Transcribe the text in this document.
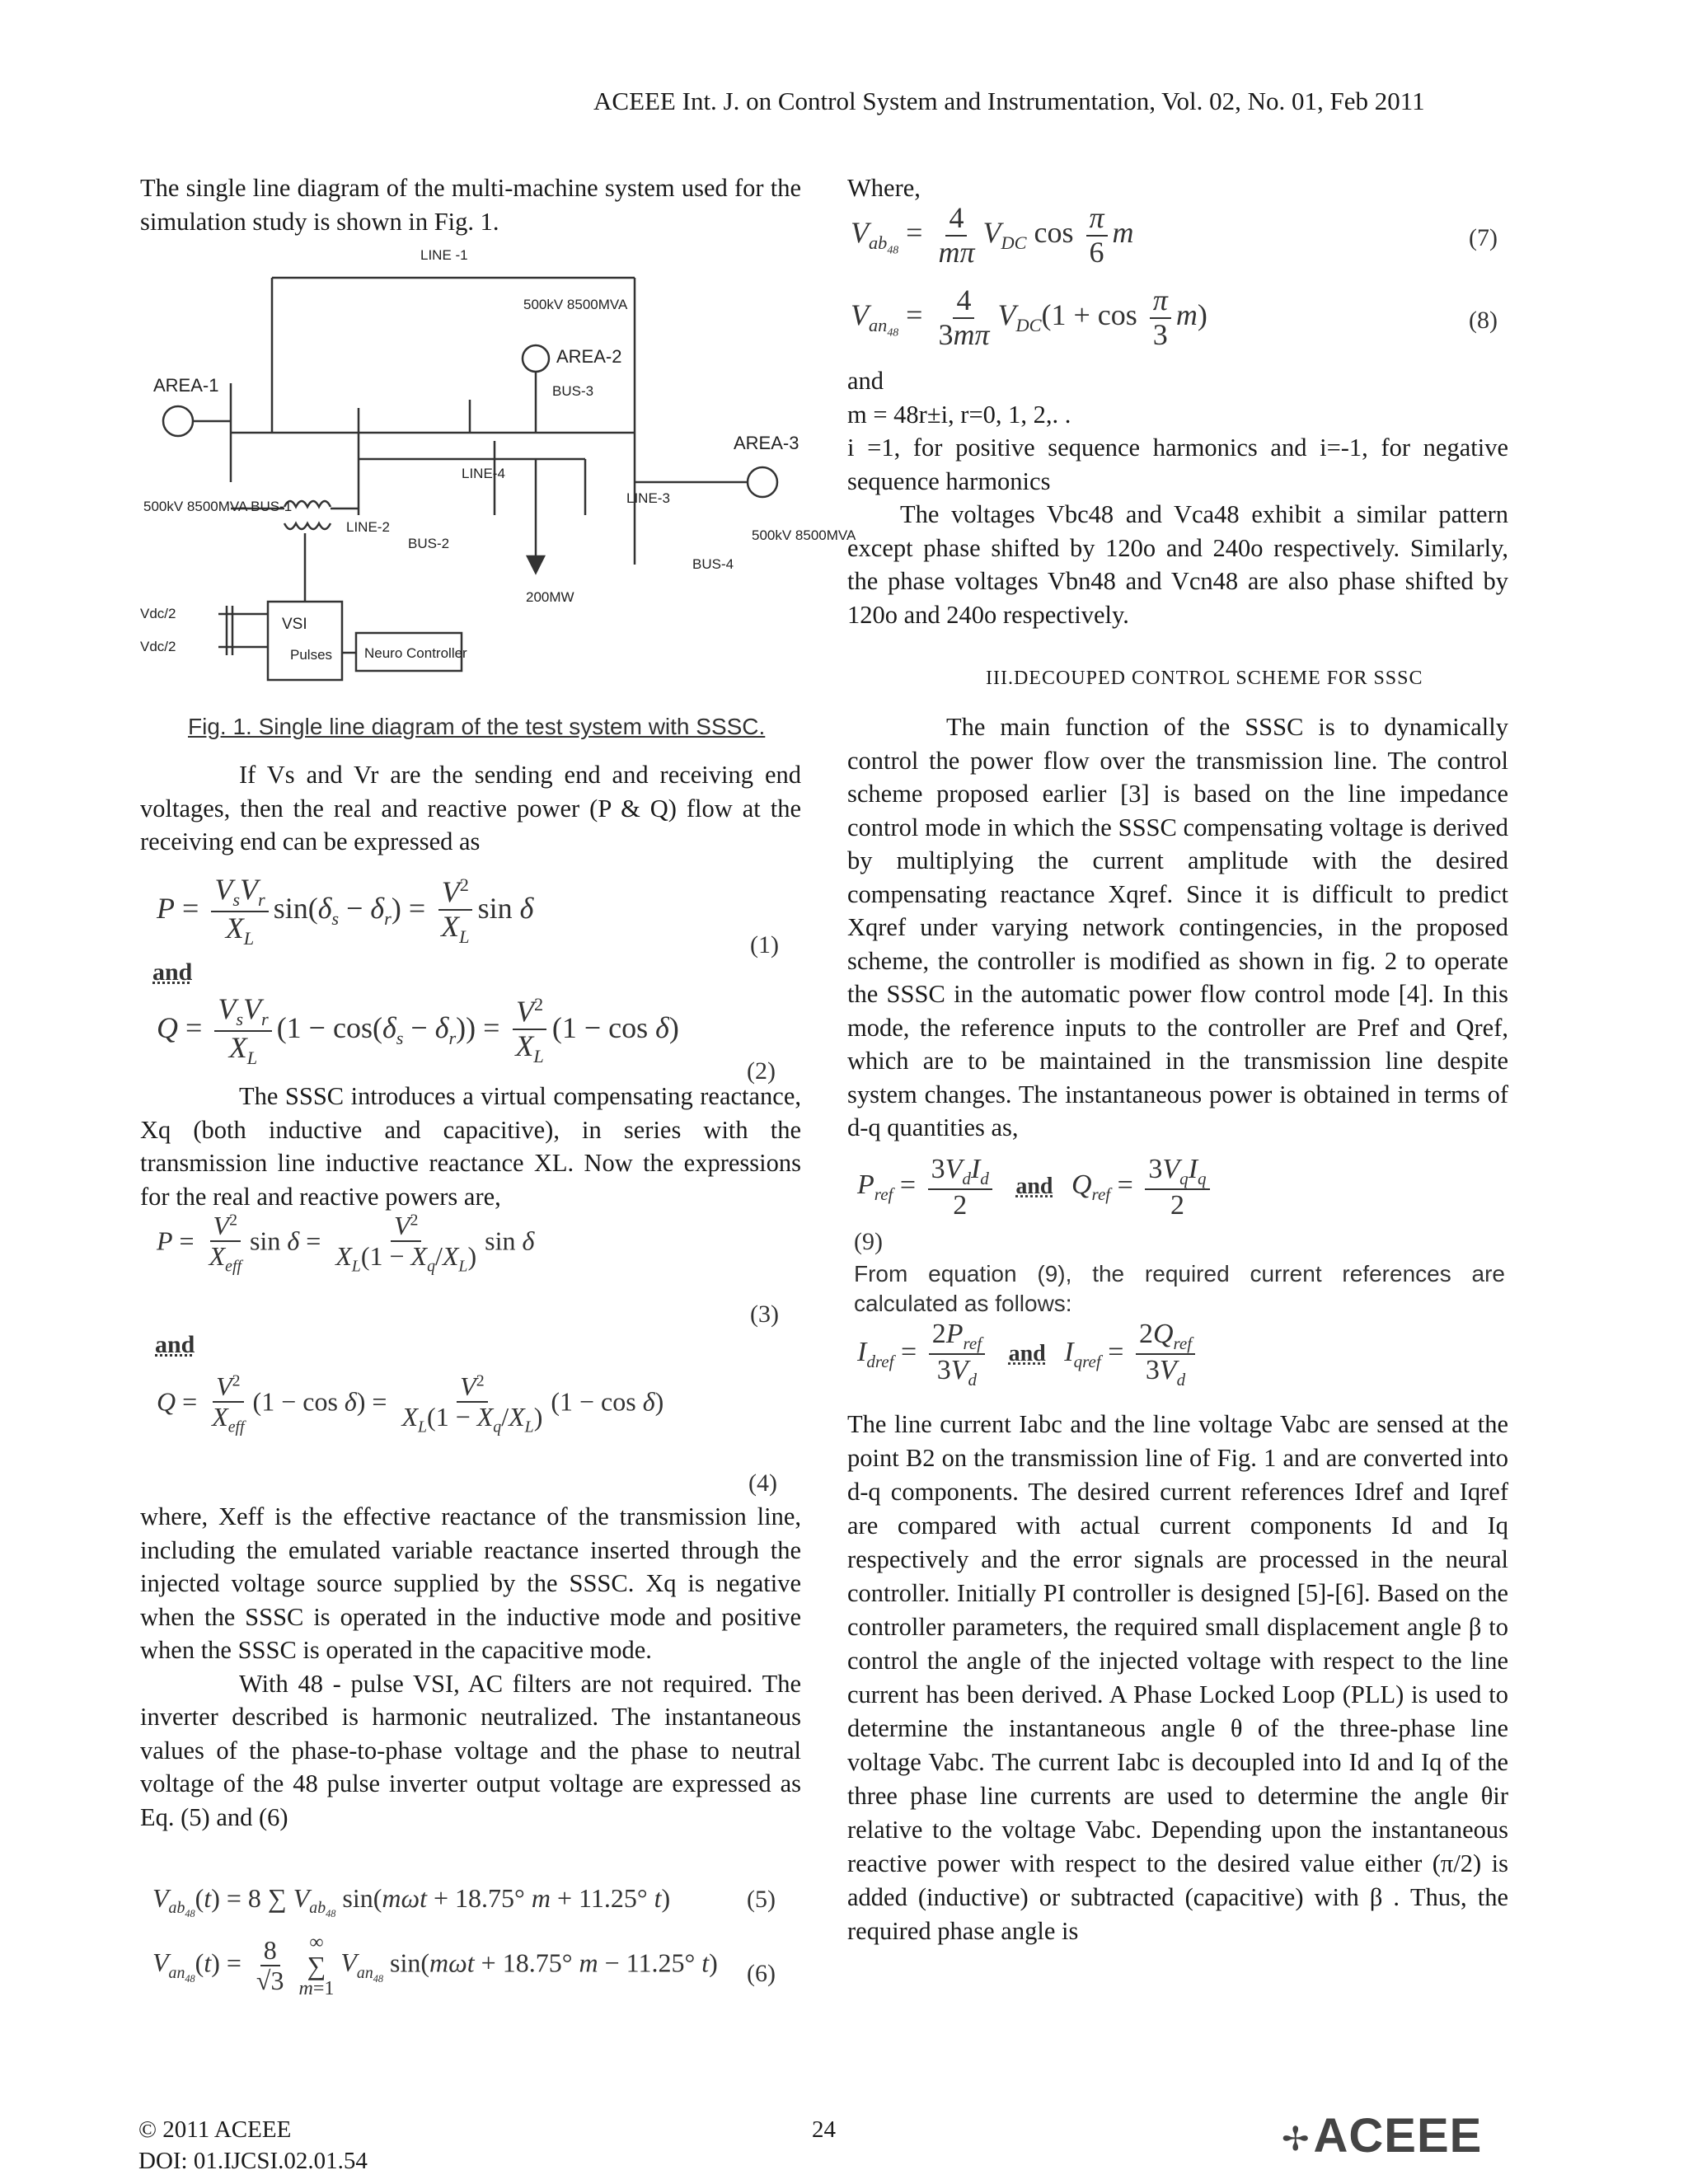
ACEEE Int. J. on Control System and Instrumentation, Vol. 02, No. 01, Feb 2011

The single line diagram of the multi-machine system used for the simulation study is shown in Fig. 1.

LINE -1
500kV 8500MVA
AREA-2
BUS-3
AREA-1
AREA-3
LINE-4
LINE-3
LINE-2
500kV 8500MVA BUS-1
BUS-2
500kV 8500MVA
BUS-4
200MW
Vdc/2
Vdc/2
VSI
Pulses Neuro Controller
Fig. 1. Single line diagram of the test system with SSSC.

If Vs and Vr are the sending end and receiving end voltages, then the real and reactive power (P & Q) flow at the receiving end can be expressed as

$P = \frac{V_sV_r}{X_L} \sin(\delta_s - \delta_r) = \frac{V^2}{X_L}$ sin δ
(1)
and
$Q = \frac{V_sV_r}{X_L} (1 - \cos(\delta_s - \delta_r)) = \frac{V^2}{X_L} (1 - \cos \delta)$
(2)

The SSSC introduces a virtual compensating reactance, Xq (both inductive and capacitive), in series with the transmission line inductive reactance XL. Now the expressions for the real and reactive powers are,

$P = \frac{V^2}{X_{eff}}$ $\sin \delta = \frac{V^2}{X_L(1 - X_q/X_L)}$ sin δ
(3)
and
$Q = \frac{V^2}{X_{eff}} (1 - \cos \delta) = \frac{V^2}{X_L(1 - X_q/X_L)} (1 - \cos \delta)$
(4)

where, Xeff is the effective reactance of the transmission line, including the emulated variable reactance inserted through the injected voltage source supplied by the SSSC. Xq is negative when the SSSC is operated in the inductive mode and positive when the SSSC is operated in the capacitive mode.

With 48 - pulse VSI, AC filters are not required. The inverter described is harmonic neutralized. The instantaneous values of the phase-to-phase voltage and the phase to neutral voltage of the 48 pulse inverter output voltage are expressed as Eq. (5) and (6)

$V_{ab_{48}}(t) = 8$ ∑ $V_{ab_{48}}$ sin(mωt + 18.75° m + 11.25° t)	(5)
$V_{an_{48}}(t) = \frac{8}{√3}$
∞
∑
m=1
$V_{an_{48}}$ sin(mωt + 18.75° m − 11.25° t) (6)
Where,
$V_{ab_{48}} = \frac{4}{m\pi} V_{DC}$ $\cos \frac{\pi}{6}$ m	(7)
$V_{an_{48}} = \frac{4}{3m\pi} V_{DC}(1 + \cos \frac{\pi}{3} m)$	(8)

and

m = 48r±i, r=0, 1, 2,. .

i =1, for positive sequence harmonics and i=-1, for negative sequence harmonics

The voltages Vbc48 and Vca48 exhibit a similar pattern except phase shifted by 120o and 240o respectively. Similarly, the phase voltages Vbn48 and Vcn48 are also phase shifted by 120o and 240o respectively.

III.DECOUPED CONTROL SCHEME FOR SSSC

The main function of the SSSC is to dynamically control the power flow over the transmission line. The control scheme proposed earlier [3] is based on the line impedance control mode in which the SSSC compensating voltage is derived by multiplying the current amplitude with the desired compensating reactance Xqref. Since it is difficult to predict Xqref under varying network contingencies, in the proposed scheme, the controller is modified as shown in fig. 2 to operate the SSSC in the automatic power flow control mode [4]. In this mode, the reference inputs to the controller are Pref and Qref, which are to be maintained in the transmission line despite system changes. The instantaneous power is obtained in terms of d-q quantities as,

$P_{ref} = \frac{3V_dI_d}{2}$ and $Q_{ref} = \frac{3V_qI_q}{2}$
(9)
From equation (9), the required current references are calculated as follows:
$I_{dref} = \frac{2P_{ref}}{3V_d}$ and $I_{qref} = \frac{2Q_{ref}}{3V_d}$

The line current Iabc and the line voltage Vabc are sensed at the point B2 on the transmission line of Fig. 1 and are converted into d-q components. The desired current references Idref and Iqref are compared with actual current components Id and Iq respectively and the error signals are processed in the neural controller. Initially PI controller is designed [5]-[6]. Based on the controller parameters, the required small displacement angle β to control the angle of the injected voltage with respect to the line current has been derived. A Phase Locked Loop (PLL) is used to determine the instantaneous angle θ of the three-phase line voltage Vabc. The current Iabc is decoupled into Id and Iq of the three phase line currents are used to determine the angle θir relative to the voltage Vabc. Depending upon the instantaneous reactive power with respect to the desired value either (π/2) is added (inductive) or subtracted (capacitive) with β . Thus, the required phase angle is

© 2011 ACEEE
DOI: 01.IJCSI.02.01.54
24	✢ACEEE
